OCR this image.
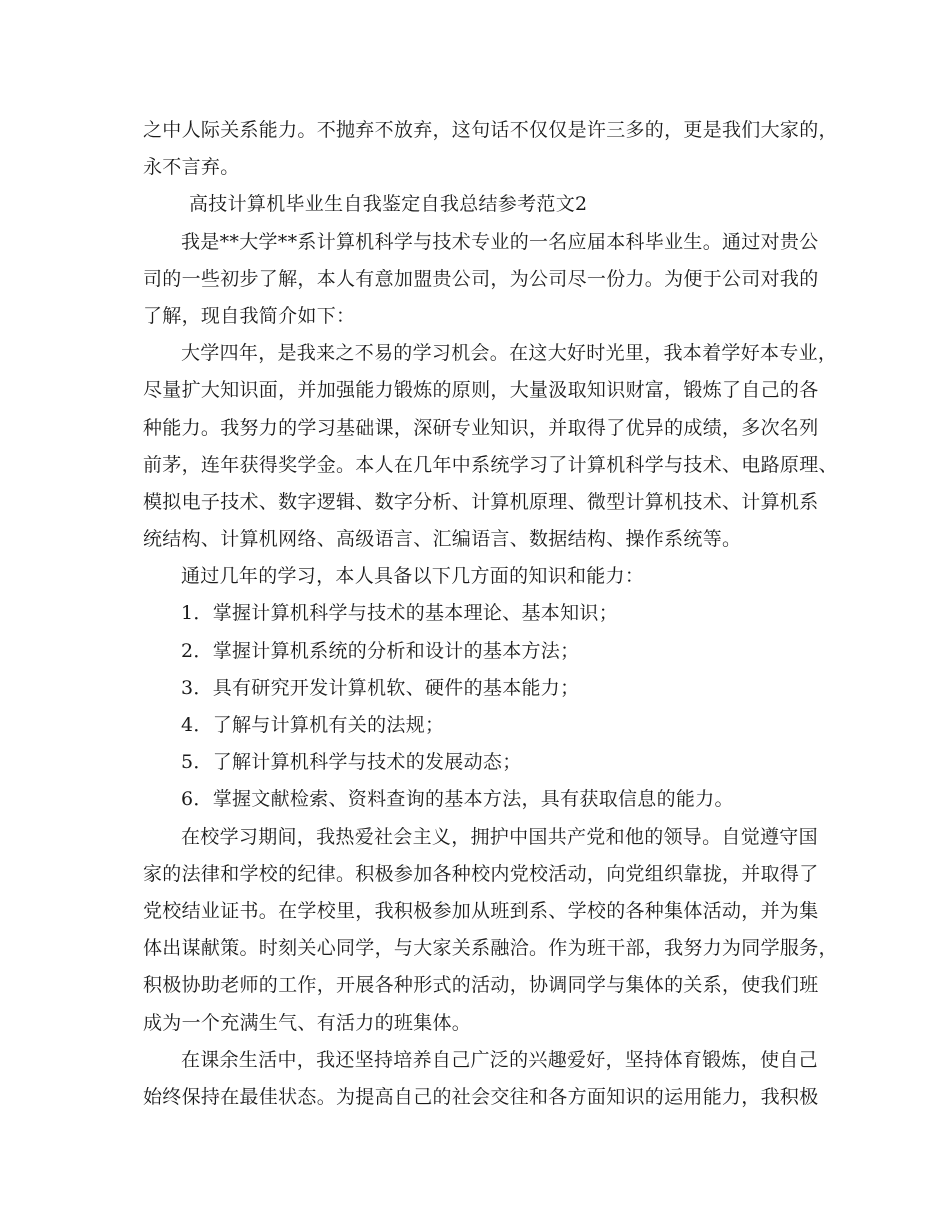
之中人际关系能力。不抛弃不放弃，这句话不仅仅是许三多的，更是我们大家的，
永不言弃。
高技计算机毕业生自我鉴定自我总结参考范文2
我是**大学**系计算机科学与技术专业的一名应届本科毕业生。通过对贵公
司的一些初步了解，本人有意加盟贵公司，为公司尽一份力。为便于公司对我的
了解，现自我简介如下：
大学四年，是我来之不易的学习机会。在这大好时光里，我本着学好本专业，
尽量扩大知识面，并加强能力锻炼的原则，大量汲取知识财富，锻炼了自己的各
种能力。我努力的学习基础课，深研专业知识，并取得了优异的成绩，多次名列
前茅，连年获得奖学金。本人在几年中系统学习了计算机科学与技术、电路原理、
模拟电子技术、数字逻辑、数字分析、计算机原理、微型计算机技术、计算机系
统结构、计算机网络、高级语言、汇编语言、数据结构、操作系统等。
通过几年的学习，本人具备以下几方面的知识和能力：
1．掌握计算机科学与技术的基本理论、基本知识；
2．掌握计算机系统的分析和设计的基本方法；
3．具有研究开发计算机软、硬件的基本能力；
4．了解与计算机有关的法规；
5．了解计算机科学与技术的发展动态；
6．掌握文献检索、资料查询的基本方法，具有获取信息的能力。
在校学习期间，我热爱社会主义，拥护中国共产党和他的领导。自觉遵守国
家的法律和学校的纪律。积极参加各种校内党校活动，向党组织靠拢，并取得了
党校结业证书。在学校里，我积极参加从班到系、学校的各种集体活动，并为集
体出谋献策。时刻关心同学，与大家关系融洽。作为班干部，我努力为同学服务，
积极协助老师的工作，开展各种形式的活动，协调同学与集体的关系，使我们班
成为一个充满生气、有活力的班集体。
在课余生活中，我还坚持培养自己广泛的兴趣爱好，坚持体育锻炼，使自己
始终保持在最佳状态。为提高自己的社会交往和各方面知识的运用能力，我积极
